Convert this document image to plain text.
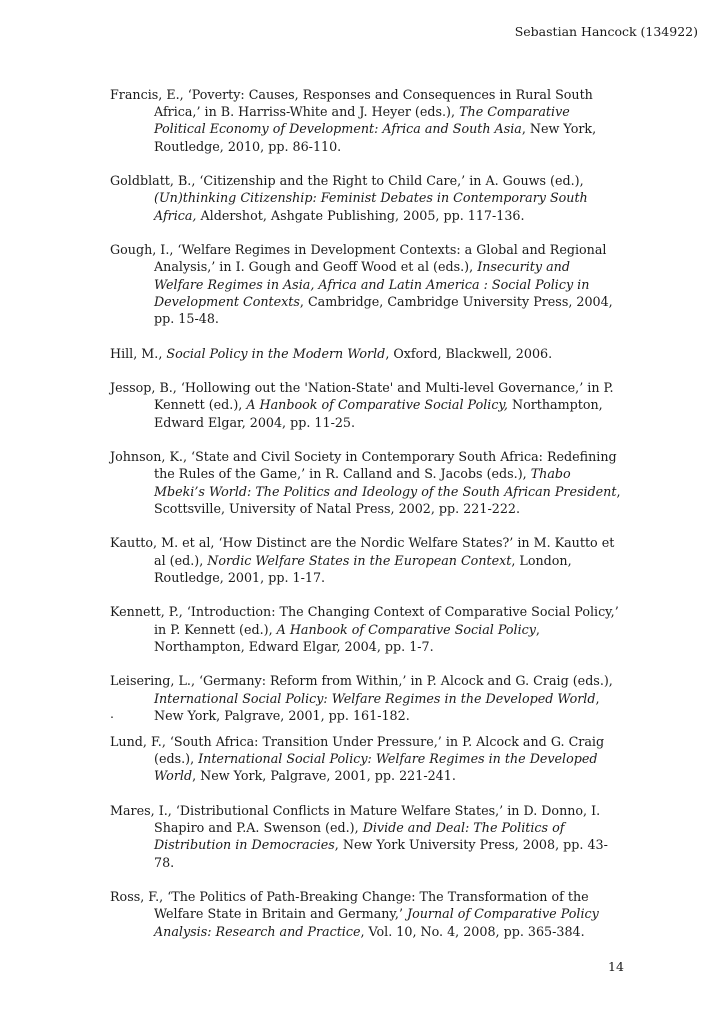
Sebastian Hancock (134922)

Francis, E., ‘Poverty: Causes, Responses and Consequences in Rural South Africa,’ in B. Harriss-White and J. Heyer (eds.), The Comparative Political Economy of Development: Africa and South Asia, New York, Routledge, 2010, pp. 86-110.

Goldblatt, B., ‘Citizenship and the Right to Child Care,’ in A. Gouws (ed.), (Un)thinking Citizenship: Feminist Debates in Contemporary South Africa, Aldershot, Ashgate Publishing, 2005, pp. 117-136.

Gough, I., ‘Welfare Regimes in Development Contexts: a Global and Regional Analysis,’ in I. Gough and Geoff Wood et al (eds.), Insecurity and Welfare Regimes in Asia, Africa and Latin America : Social Policy in Development Contexts, Cambridge, Cambridge University Press, 2004, pp. 15-48.

Hill, M., Social Policy in the Modern World, Oxford, Blackwell, 2006.

Jessop, B., ‘Hollowing out the 'Nation-State' and Multi-level Governance,’ in P. Kennett (ed.), A Hanbook of Comparative Social Policy, Northampton, Edward Elgar, 2004, pp. 11-25.

Johnson, K., ‘State and Civil Society in Contemporary South Africa: Redefining the Rules of the Game,’ in R. Calland and S. Jacobs (eds.), Thabo Mbeki’s World: The Politics and Ideology of the South African President, Scottsville, University of Natal Press, 2002, pp. 221-222.

Kautto, M. et al, ‘How Distinct are the Nordic Welfare States?’ in M. Kautto et al (ed.), Nordic Welfare States in the European Context, London, Routledge, 2001, pp. 1-17.

Kennett, P., ‘Introduction: The Changing Context of Comparative Social Policy,’ in P. Kennett (ed.), A Hanbook of Comparative Social Policy, Northampton, Edward Elgar, 2004, pp. 1-7.

Leisering, L., ‘Germany: Reform from Within,’ in P. Alcock and G. Craig (eds.), International Social Policy: Welfare Regimes in the Developed World, New York, Palgrave, 2001, pp. 161-182.

Lund, F., ‘South Africa: Transition Under Pressure,’ in P. Alcock and G. Craig (eds.), International Social Policy: Welfare Regimes in the Developed World, New York, Palgrave, 2001, pp. 221-241.

Mares, I., ‘Distributional Conflicts in Mature Welfare States,’ in D. Donno, I. Shapiro and P.A. Swenson (ed.), Divide and Deal: The Politics of Distribution in Democracies, New York University Press, 2008, pp. 43-78.

Ross, F., ‘The Politics of Path-Breaking Change: The Transformation of the Welfare State in Britain and Germany,’ Journal of Comparative Policy Analysis: Research and Practice, Vol. 10, No. 4, 2008, pp. 365-384.

.
14
